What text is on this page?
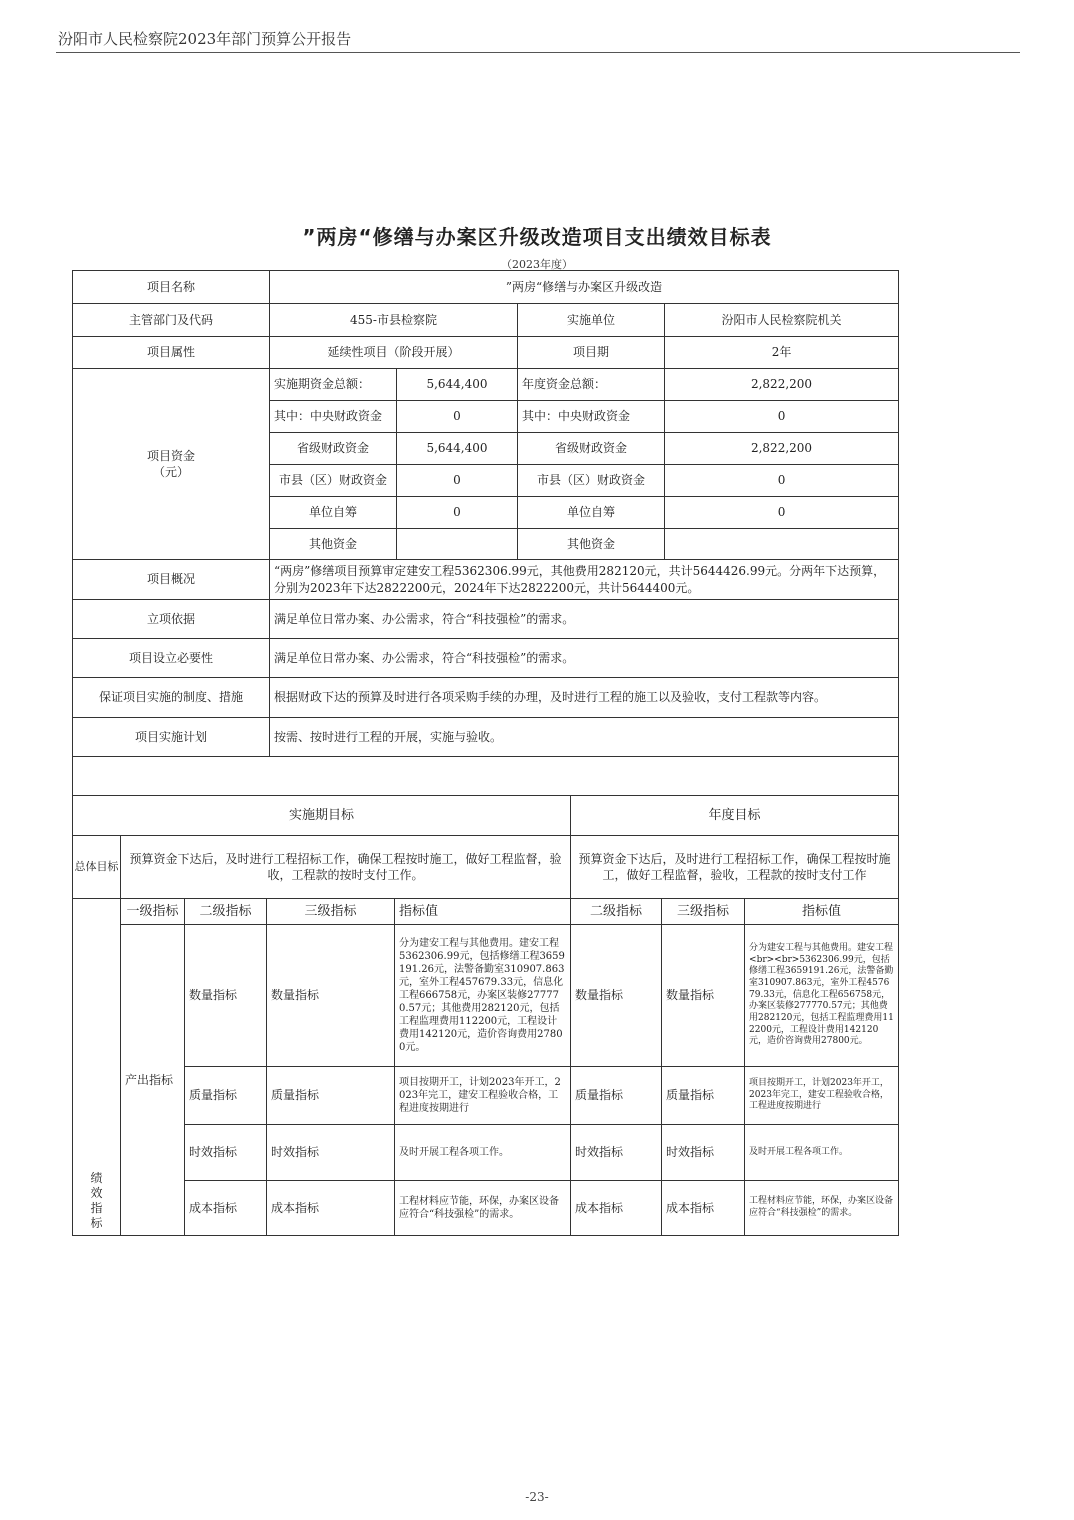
汾阳市人民检察院2023年部门预算公开报告
”两房“修缮与办案区升级改造项目支出绩效目标表
（2023年度）
项目名称	”两房“修缮与办案区升级改造			
主管部门及代码	455-市县检察院		实施单位	汾阳市人民检察院机关
项目属性	延续性项目（阶段开展）		项目期	2年
项目资金
（元）	实施期资金总额：	5,644,400	年度资金总额：	2,822,200
	其中：中央财政资金	0	其中：中央财政资金	0
	省级财政资金	5,644,400	省级财政资金	2,822,200
	市县（区）财政资金	0	市县（区）财政资金	0
	单位自筹	0	单位自筹	0
	其他资金		其他资金	
项目概况	“两房”修缮项目预算审定建安工程5362306.99元，其他费用282120元，共计5644426.99元。分两年下达预算，分别为2023年下达2822200元，2024年下达2822200元，共计5644400元。			
立项依据	满足单位日常办案、办公需求，符合“科技强检”的需求。			
项目设立必要性	满足单位日常办案、办公需求，符合“科技强检”的需求。			
保证项目实施的制度、措施	根据财政下达的预算及时进行各项采购手续的办理，及时进行工程的施工以及验收，支付工程款等内容。			
项目实施计划	按需、按时进行工程的开展，实施与验收。			

实施期目标					年度目标		
总体目标	预算资金下达后，及时进行工程招标工作，确保工程按时施工，做好工程监督，验收，工程款的按时支付工作。				预算资金下达后，及时进行工程招标工作，确保工程按时施工，做好工程监督，验收，工程款的按时支付工作		

绩效指标	一级指标	二级指标	三级指标	指标值	二级指标	三级指标	指标值
	产出指标	数量指标	数量指标	分为建安工程与其他费用。建安工程 5362306.99元，包括修缮工程3659191.26元，法警备勤室310907.863元，室外工程457679.33元，信息化工程666758元，办案区装修277770.57元；其他费用282120元，包括工程监理费用112200元，工程设计费用142120元，造价咨询费用27800元。	数量指标	数量指标	分为建安工程与其他费用。建安工程<br><br>5362306.99元，包括修缮工程3659191.26元，法警备勤室310907.863元，室外工程457679.33元，信息化工程656758元，办案区装修277770.57元；其他费用282120元，包括工程监理费用112200元，工程设计费用142120元，造价咨询费用27800元。
		质量指标	质量指标	项目按期开工，计划2023年开工，2023年完工，建安工程验收合格，工程进度按期进行	质量指标	质量指标	项目按期开工，计划2023年开工，2023年完工，建安工程验收合格，工程进度按期进行
		时效指标	时效指标	及时开展工程各项工作。	时效指标	时效指标	及时开展工程各项工作。
		成本指标	成本指标	工程材料应节能，环保，办案区设备应符合“科技强检”的需求。	成本指标	成本指标	工程材料应节能，环保，办案区设备应符合“科技强检”的需求。
-23-
